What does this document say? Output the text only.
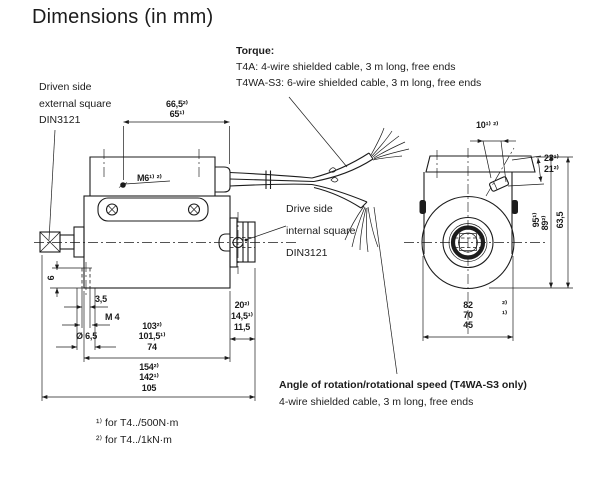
Dimensions (in mm)
Torque:
T4A: 4-wire shielded cable, 3 m long, free ends
T4WA-S3: 6-wire shielded cable, 3 m long, free ends
Driven side
external square
DIN3121
66,5²⁾
65¹⁾
M6¹⁾ ²⁾
Drive side
internal square
DIN3121
20²⁾
14,5¹⁾
11,5
103²⁾
101,5¹⁾
74
154²⁾
142¹⁾
105
6
3,5
M 4
Ø 6,5
Angle of rotation/rotational speed (T4WA-S3 only)
4-wire shielded cable, 3 m long, free ends
¹⁾ for T4../500N·m
²⁾ for T4../1kN·m
10¹⁾ ²⁾
23¹⁾
21²⁾
95¹⁾ 89²⁾ 63,5
82
70
45
²⁾
¹⁾
